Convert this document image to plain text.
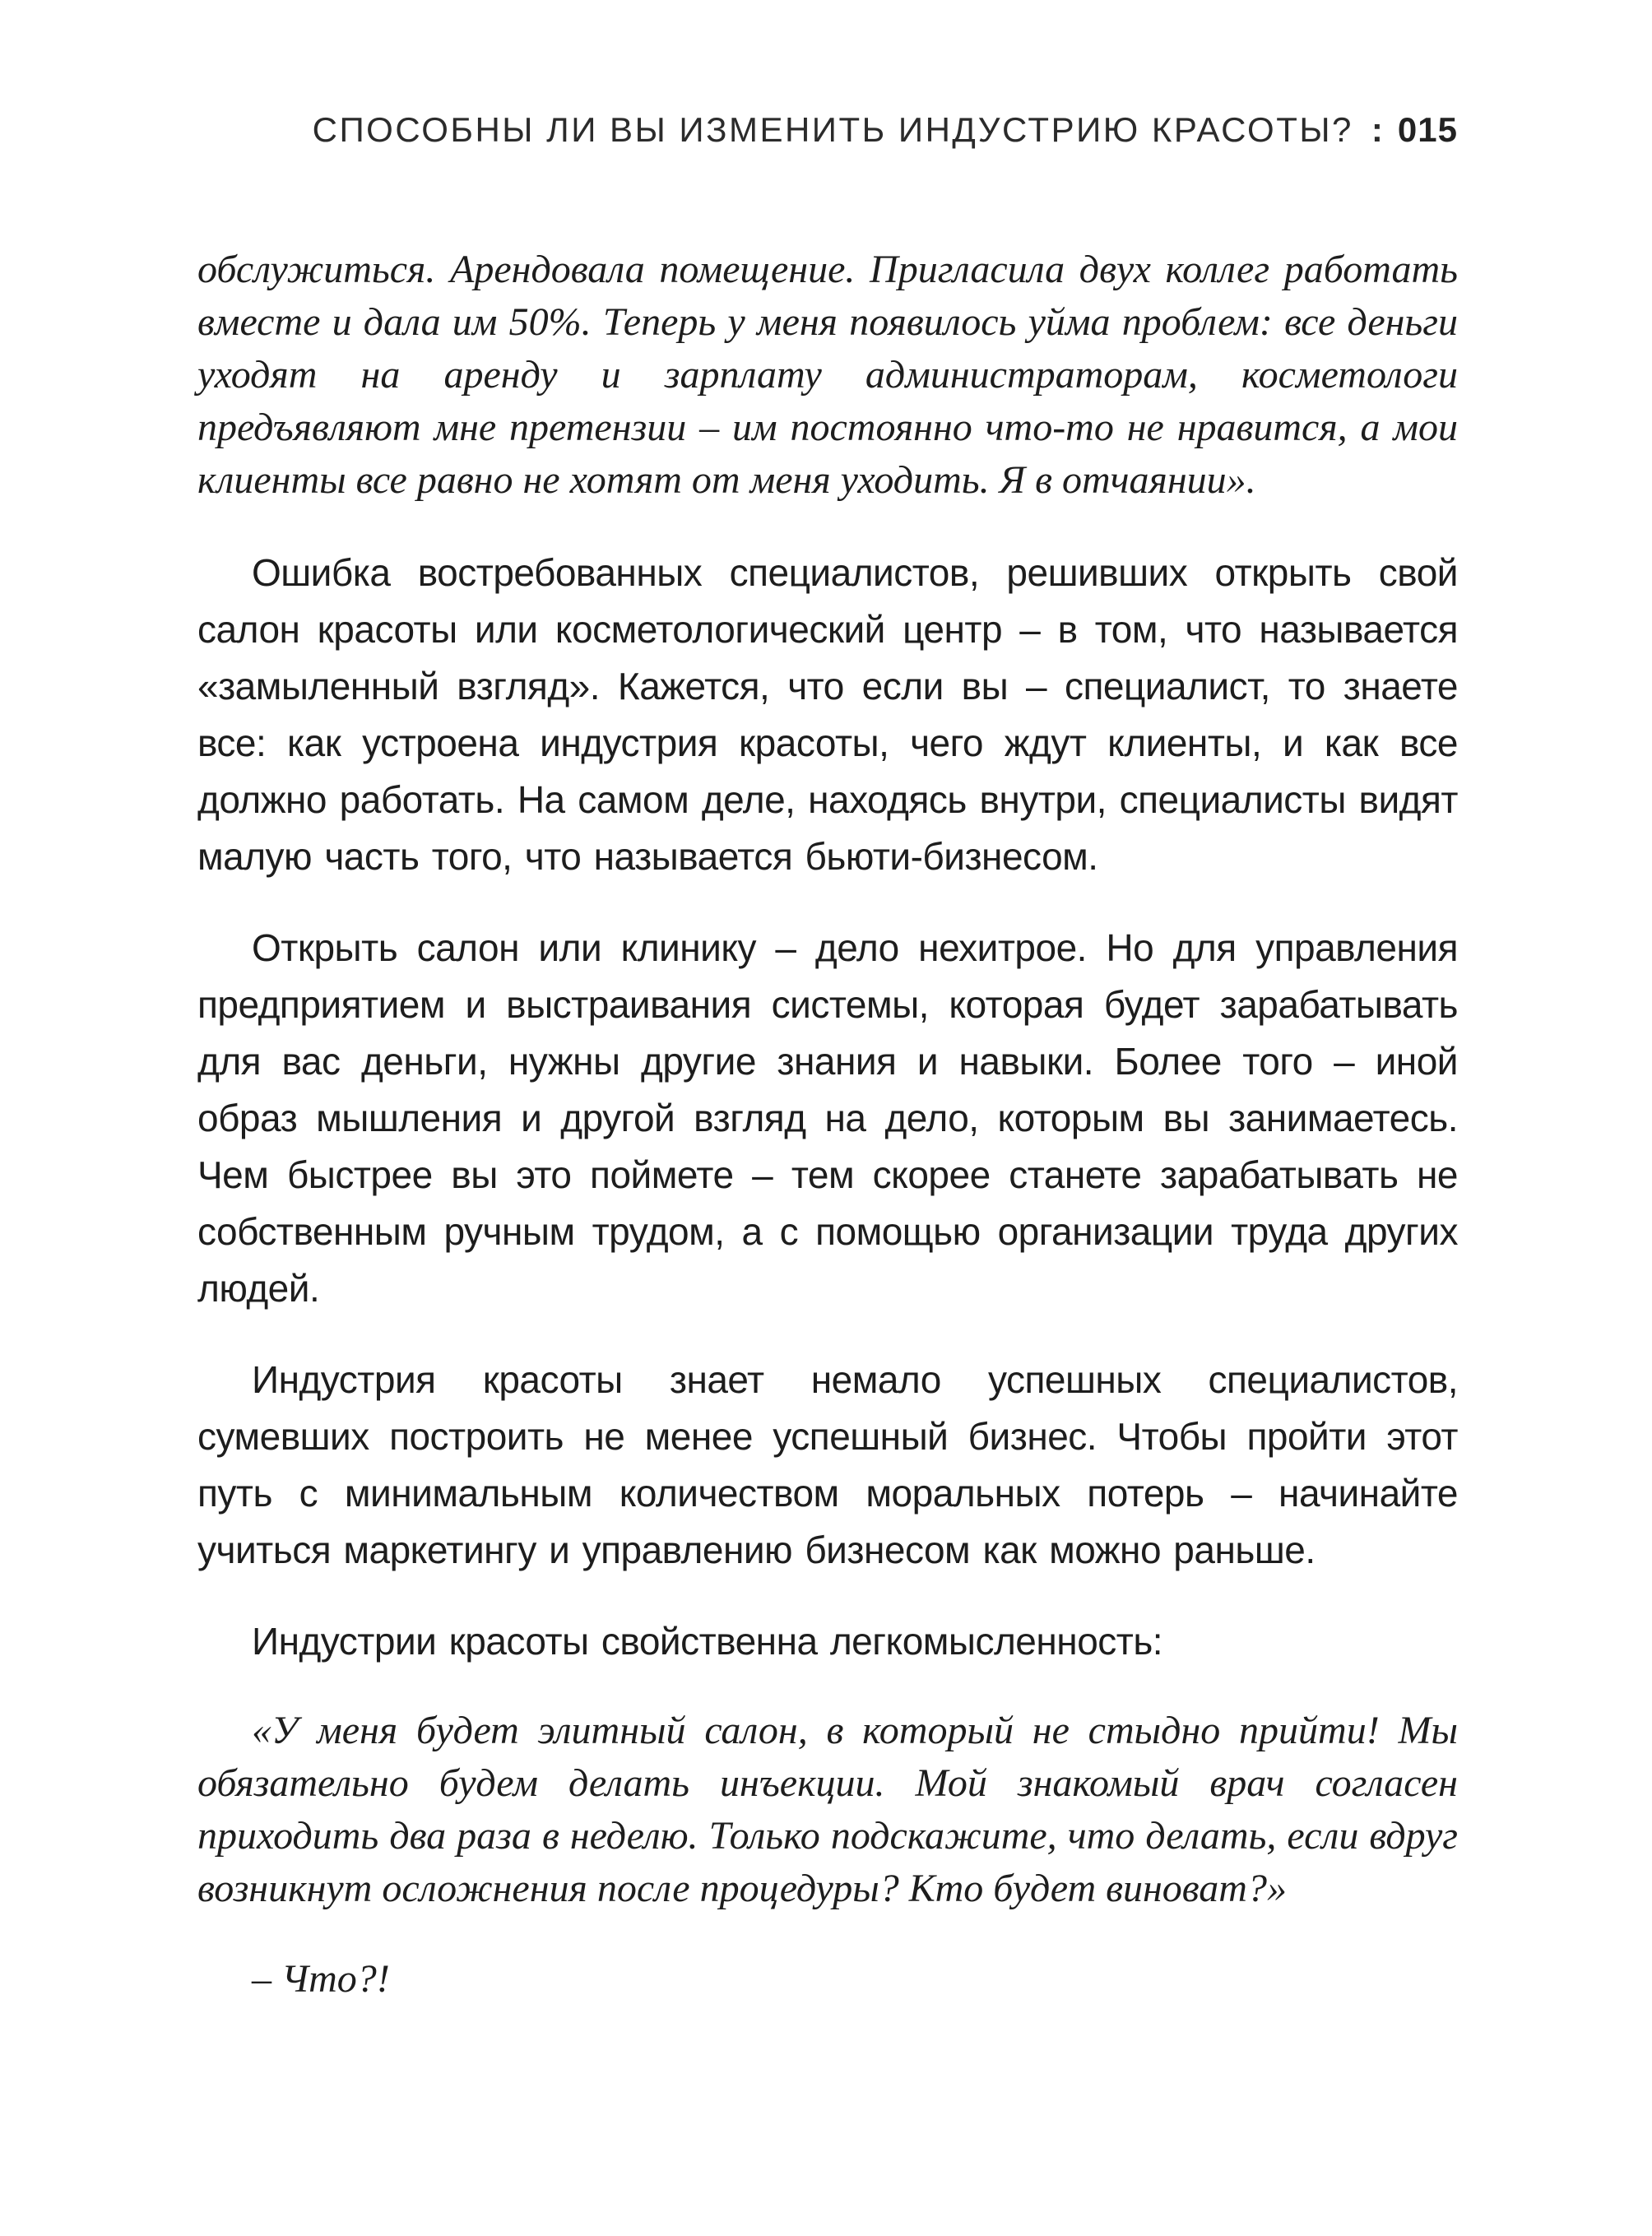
СПОСОБНЫ ЛИ ВЫ ИЗМЕНИТЬ ИНДУСТРИЮ КРАСОТЫ? : 015

обслужиться. Арендовала помещение. Пригласила двух коллег работать вместе и дала им 50%. Теперь у меня появилось уйма проблем: все деньги уходят на аренду и зарплату администраторам, косметологи предъявляют мне претензии – им постоянно что-то не нравится, а мои клиенты все равно не хотят от меня уходить. Я в отчаянии».

Ошибка востребованных специалистов, решивших открыть свой салон красоты или косметологический центр – в том, что называется «замыленный взгляд». Кажется, что если вы – специалист, то знаете все: как устроена индустрия красоты, чего ждут клиенты, и как все должно работать. На самом деле, находясь внутри, специалисты видят малую часть того, что называется бьюти-бизнесом.

Открыть салон или клинику – дело нехитрое. Но для управления предприятием и выстраивания системы, которая будет зарабатывать для вас деньги, нужны другие знания и навыки. Более того – иной образ мышления и другой взгляд на дело, которым вы занимаетесь. Чем быстрее вы это поймете – тем скорее станете зарабатывать не собственным ручным трудом, а с помощью организации труда других людей.

Индустрия красоты знает немало успешных специалистов, сумевших построить не менее успешный бизнес. Чтобы пройти этот путь с минимальным количеством моральных потерь – начинайте учиться маркетингу и управлению бизнесом как можно раньше.

Индустрии красоты свойственна легкомысленность:

«У меня будет элитный салон, в который не стыдно прийти! Мы обязательно будем делать инъекции. Мой знакомый врач согласен приходить два раза в неделю. Только подскажите, что делать, если вдруг возникнут осложнения после процедуры? Кто будет виноват?»

– Что?!
